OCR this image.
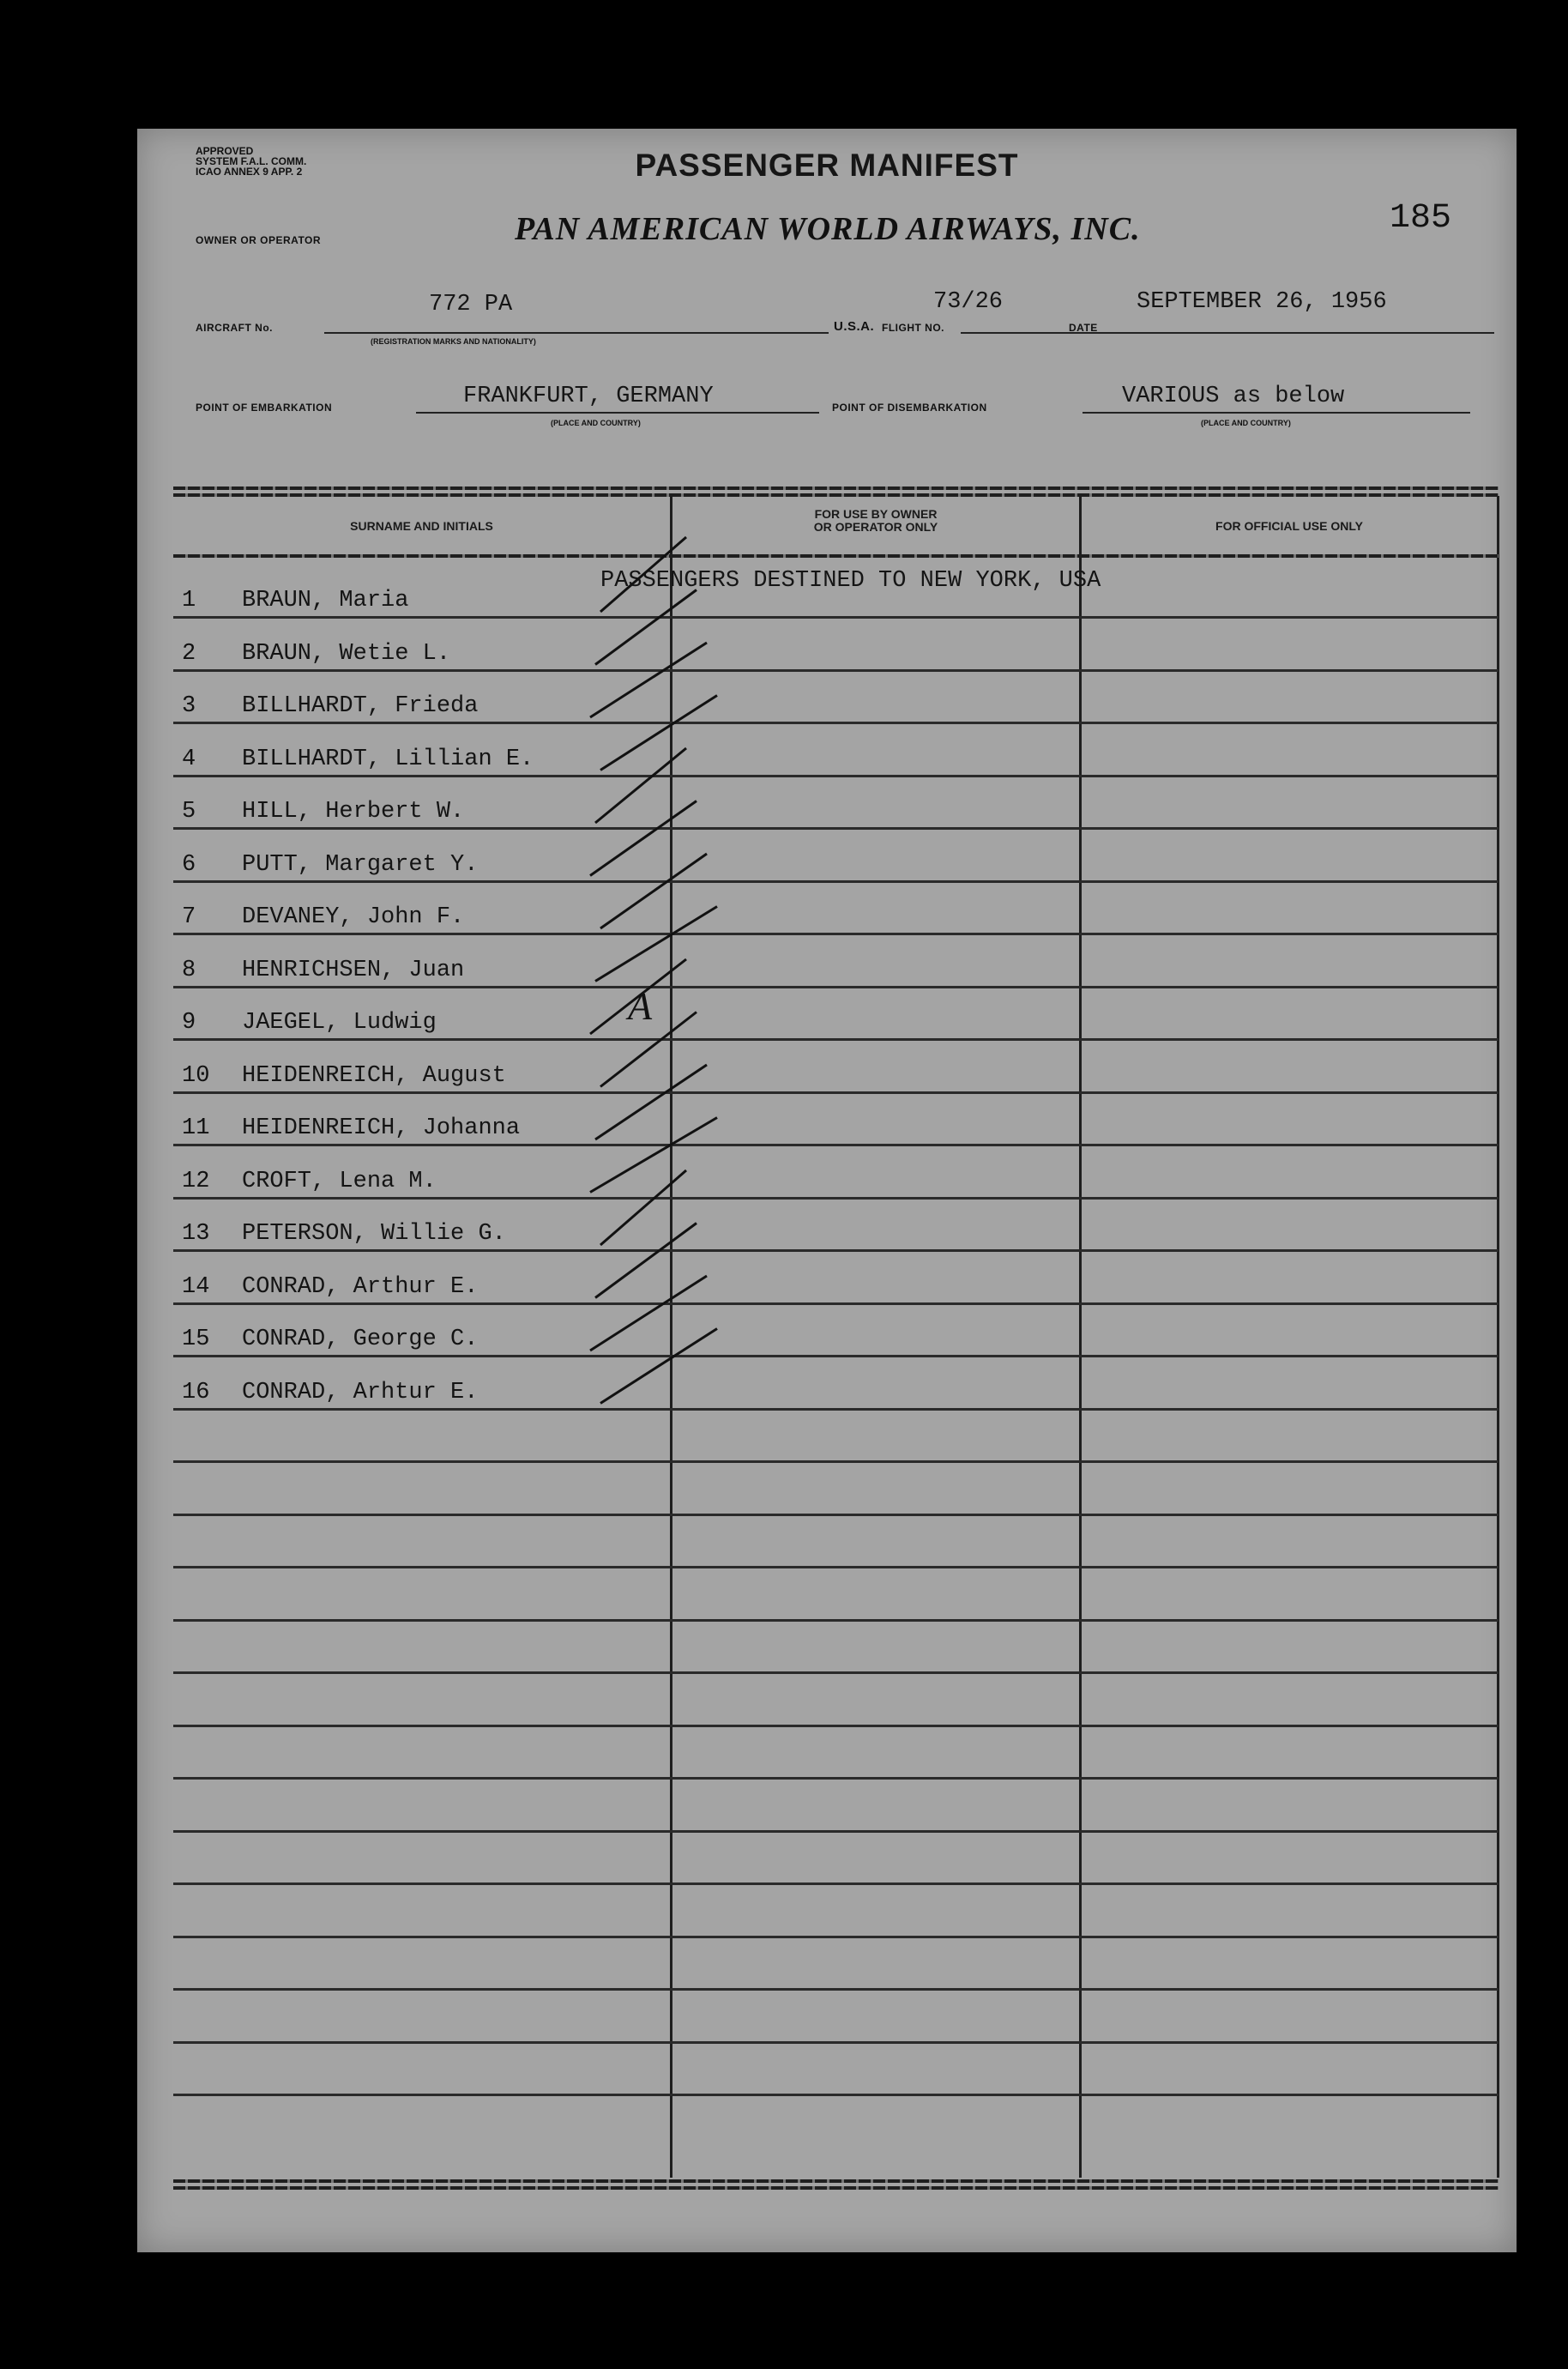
APPROVED
SYSTEM F.A.L. COMM.
ICAO ANNEX 9 APP. 2	PASSENGER MANIFEST
185
OWNER OR OPERATOR	PAN AMERICAN WORLD AIRWAYS, INC.
AIRCRAFT No.
772 PA
(REGISTRATION MARKS AND NATIONALITY)
U.S.A. FLIGHT NO.
73/26
DATE
SEPTEMBER 26, 1956
POINT OF EMBARKATION	FRANKFURT, GERMANY
(PLACE AND COUNTRY)
POINT OF DISEMBARKATION	VARIOUS as below
(PLACE AND COUNTRY)
SURNAME AND INITIALS
FOR USE BY OWNER
OR OPERATOR ONLY	FOR OFFICIAL USE ONLY
PASSENGERS DESTINED TO NEW YORK, USA
1	BRAUN, Maria
2	BRAUN, Wetie L.
3	BILLHARDT, Frieda
4	BILLHARDT, Lillian E.
5	HILL, Herbert W.
6	PUTT, Margaret Y.
7	DEVANEY, John F.
8	HENRICHSEN, Juan
9	JAEGEL, Ludwig
10	HEIDENREICH, August
11	HEIDENREICH, Johanna
12	CROFT, Lena M.
13	PETERSON, Willie G.
14	CONRAD, Arthur E.
15	CONRAD, George C.
16	CONRAD, Arhtur E.
A
